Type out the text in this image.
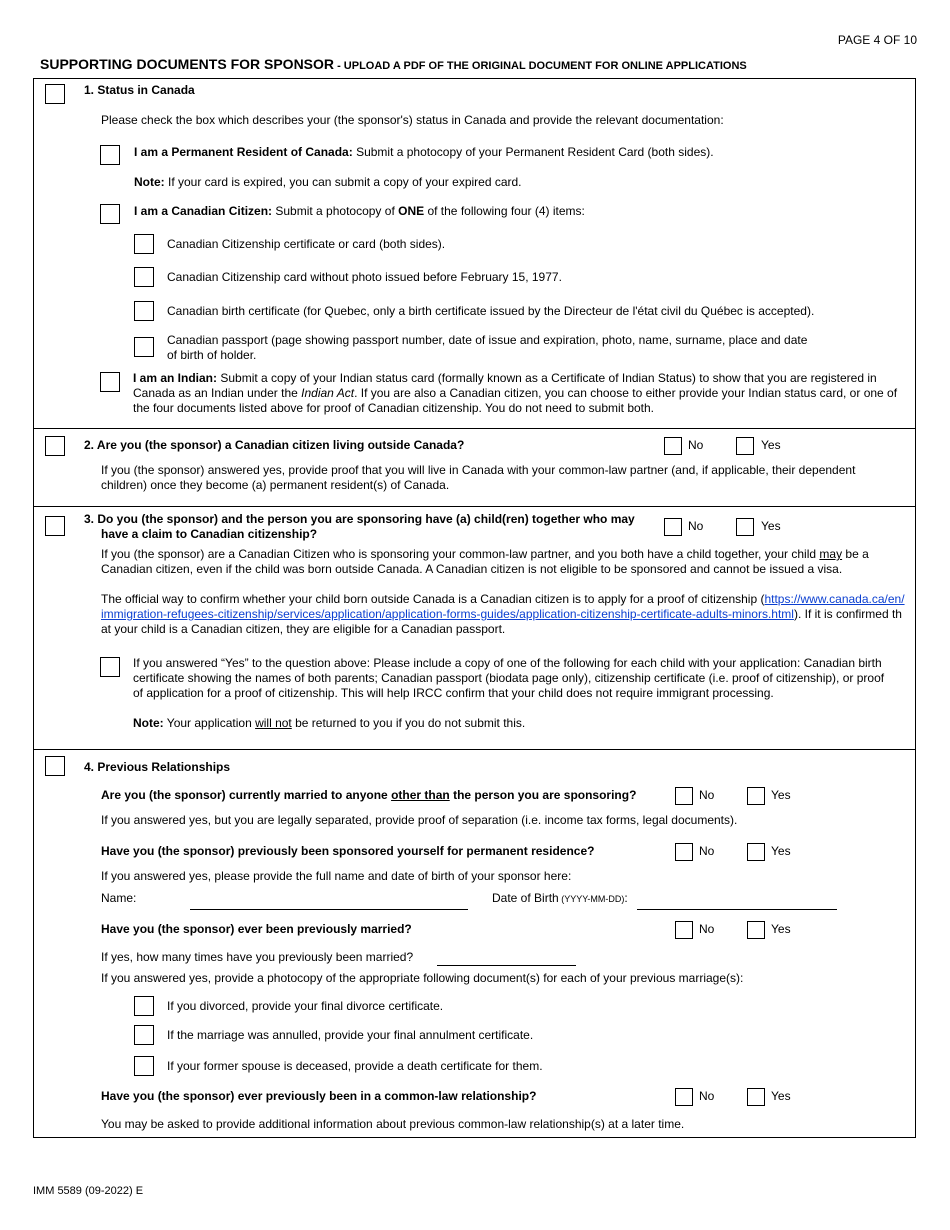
PAGE 4 OF 10
SUPPORTING DOCUMENTS FOR SPONSOR - UPLOAD A PDF OF THE ORIGINAL DOCUMENT FOR ONLINE APPLICATIONS
1. Status in Canada
Please check the box which describes your (the sponsor's) status in Canada and provide the relevant documentation:
I am a Permanent Resident of Canada: Submit a photocopy of your Permanent Resident Card (both sides).
Note: If your card is expired, you can submit a copy of your expired card.
I am a Canadian Citizen: Submit a photocopy of ONE of the following four (4) items:
Canadian Citizenship certificate or card (both sides).
Canadian Citizenship card without photo issued before February 15, 1977.
Canadian birth certificate (for Quebec, only a birth certificate issued by the Directeur de l'état civil du Québec is accepted).
Canadian passport (page showing passport number, date of issue and expiration, photo, name, surname, place and date of birth of holder.
I am an Indian: Submit a copy of your Indian status card (formally known as a Certificate of Indian Status) to show that you are registered in Canada as an Indian under the Indian Act. If you are also a Canadian citizen, you can choose to either provide your Indian status card, or one of the four documents listed above for proof of Canadian citizenship. You do not need to submit both.
2. Are you (the sponsor) a Canadian citizen living outside Canada?	No	Yes
If you (the sponsor) answered yes, provide proof that you will live in Canada with your common-law partner (and, if applicable, their dependent children) once they become (a) permanent resident(s) of Canada.
3. Do you (the sponsor) and the person you are sponsoring have (a) child(ren) together who may have a claim to Canadian citizenship?
No	Yes
If you (the sponsor) are a Canadian Citizen who is sponsoring your common-law partner, and you both have a child together, your child may be a Canadian citizen, even if the child was born outside Canada. A Canadian citizen is not eligible to be sponsored and cannot be issued a visa.
The official way to confirm whether your child born outside Canada is a Canadian citizen is to apply for a proof of citizenship (https://www.canada.ca/en/immigration-refugees-citizenship/services/application/application-forms-guides/application-citizenship-certificate-adults-minors.html). If it is confirmed that your child is a Canadian citizen, they are eligible for a Canadian passport.
If you answered “Yes” to the question above: Please include a copy of one of the following for each child with your application: Canadian birth certificate showing the names of both parents; Canadian passport (biodata page only), citizenship certificate (i.e. proof of citizenship), or proof of application for a proof of citizenship. This will help IRCC confirm that your child does not require immigrant processing.
Note: Your application will not be returned to you if you do not submit this.
4. Previous Relationships
Are you (the sponsor) currently married to anyone other than the person you are sponsoring?	No	Yes
If you answered yes, but you are legally separated, provide proof of separation (i.e. income tax forms, legal documents).
Have you (the sponsor) previously been sponsored yourself for permanent residence?	No	Yes
If you answered yes, please provide the full name and date of birth of your sponsor here:
Name:	Date of Birth (YYYY-MM-DD):
Have you (the sponsor) ever been previously married?	No	Yes
If yes, how many times have you previously been married?
If you answered yes, provide a photocopy of the appropriate following document(s) for each of your previous marriage(s):
If you divorced, provide your final divorce certificate.
If the marriage was annulled, provide your final annulment certificate.
If your former spouse is deceased, provide a death certificate for them.
Have you (the sponsor) ever previously been in a common-law relationship?	No	Yes
You may be asked to provide additional information about previous common-law relationship(s) at a later time.
IMM 5589 (09-2022) E
